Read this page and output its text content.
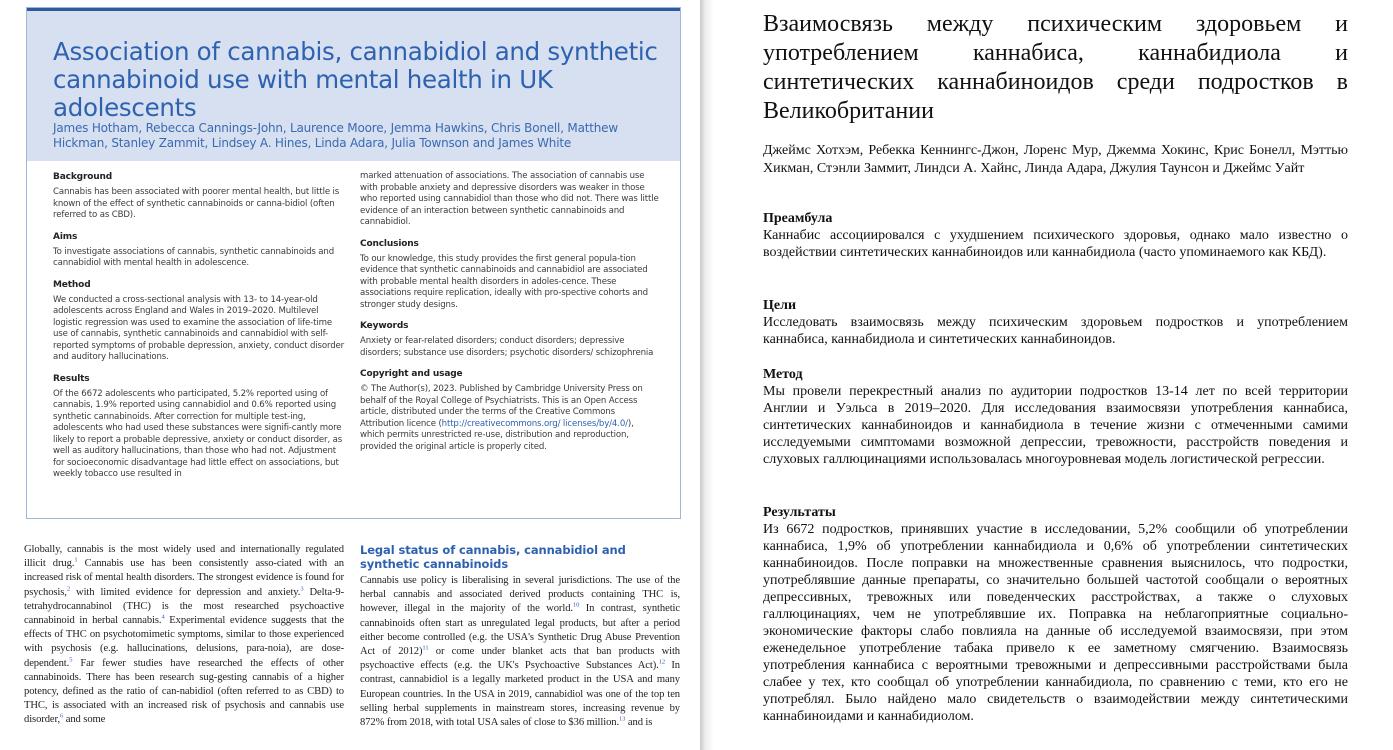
Association of cannabis, cannabidiol and synthetic cannabinoid use with mental health in UK adolescents
James Hotham, Rebecca Cannings-John, Laurence Moore, Jemma Hawkins, Chris Bonell, Matthew Hickman, Stanley Zammit, Lindsey A. Hines, Linda Adara, Julia Townson and James White
Background

Cannabis has been associated with poorer mental health, but little is known of the effect of synthetic cannabinoids or canna-bidiol (often referred to as CBD).

Aims

To investigate associations of cannabis, synthetic cannabinoids and cannabidiol with mental health in adolescence.

Method

We conducted a cross-sectional analysis with 13- to 14-year-old adolescents across England and Wales in 2019–2020. Multilevel logistic regression was used to examine the association of life-time use of cannabis, synthetic cannabinoids and cannabidiol with self-reported symptoms of probable depression, anxiety, conduct disorder and auditory hallucinations.

Results

Of the 6672 adolescents who participated, 5.2% reported using of cannabis, 1.9% reported using cannabidiol and 0.6% reported using synthetic cannabinoids. After correction for multiple test-ing, adolescents who had used these substances were signifi-cantly more likely to report a probable depressive, anxiety or conduct disorder, as well as auditory hallucinations, than those who had not. Adjustment for socioeconomic disadvantage had little effect on associations, but weekly tobacco use resulted in

marked attenuation of associations. The association of cannabis use with probable anxiety and depressive disorders was weaker in those who reported using cannabidiol than those who did not. There was little evidence of an interaction between synthetic cannabinoids and cannabidiol.

Conclusions

To our knowledge, this study provides the first general popula-tion evidence that synthetic cannabinoids and cannabidiol are associated with probable mental health disorders in adoles-cence. These associations require replication, ideally with pro-spective cohorts and stronger study designs.

Keywords

Anxiety or fear-related disorders; conduct disorders; depressive disorders; substance use disorders; psychotic disorders/ schizophrenia

Copyright and usage

© The Author(s), 2023. Published by Cambridge University Press on behalf of the Royal College of Psychiatrists. This is an Open Access article, distributed under the terms of the Creative Commons Attribution licence (http://creativecommons.org/ licenses/by/4.0/), which permits unrestricted re-use, distribution and reproduction, provided the original article is properly cited.

Globally, cannabis is the most widely used and internationally regulated illicit drug.$^1$ Cannabis use has been consistently asso-ciated with an increased risk of mental health disorders. The strongest evidence is found for psychosis,$^2$ with limited evidence for depression and anxiety.$^3$ Delta-9-tetrahydrocannabinol (THC) is the most researched psychoactive cannabinoid in herbal cannabis.$^4$ Experimental evidence suggests that the effects of THC on psychotomimetic symptoms, similar to those experienced with psychosis (e.g. hallucinations, delusions, para-noia), are dose-dependent.$^5$ Far fewer studies have researched the effects of other cannabinoids. There has been research sug-gesting cannabis of a higher potency, defined as the ratio of can-nabidiol (often referred to as CBD) to THC, is associated with an increased risk of psychosis and cannabis use disorder,$^6$ and some
Legal status of cannabis, cannabidiol and synthetic cannabinoids
Cannabis use policy is liberalising in several jurisdictions. The use of the herbal cannabis and associated derived products containing THC is, however, illegal in the majority of the world.$^{10}$ In contrast, synthetic cannabinoids often start as unregulated legal products, but after a period either become controlled (e.g. the USA's Synthetic Drug Abuse Prevention Act of 2012)$^{11}$ or come under blanket acts that ban products with psychoactive effects (e.g. the UK's Psychoactive Substances Act).$^{12}$ In contrast, cannabidiol is a legally marketed product in the USA and many European countries. In the USA in 2019, cannabidiol was one of the top ten selling herbal supplements in mainstream stores, increasing revenue by 872% from 2018, with total USA sales of close to $36 million.$^{13}$ and is
Взаимосвязь между психическим здоровьем и употреблением каннабиса, каннабидиола и синтетических каннабиноидов среди подростков в Великобритании
Джеймс Хотхэм, Ребекка Кеннингс-Джон, Лоренс Мур, Джемма Хокинс, Крис Бонелл, Мэттью Хикман, Стэнли Заммит, Линдси А. Хайнс, Линда Адара, Джулия Таунсон и Джеймс Уайт
Преамбула
Каннабис ассоциировался с ухудшением психического здоровья, однако мало известно о воздействии синтетических каннабиноидов или каннабидиола (часто упоминаемого как КБД).
Цели
Исследовать взаимосвязь между психическим здоровьем подростков и употреблением каннабиса, каннабидиола и синтетических каннабиноидов.
Метод
Мы провели перекрестный анализ по аудитории подростков 13-14 лет по всей территории Англии и Уэльса в 2019–2020. Для исследования взаимосвязи употребления каннабиса, синтетических каннабиноидов и каннабидиола в течение жизни с отмеченными самими исследуемыми симптомами возможной депрессии, тревожности, расстройств поведения и слуховых галлюцинациями использовалась многоуровневая модель логистической регрессии.
Результаты
Из 6672 подростков, принявших участие в исследовании, 5,2% сообщили об употреблении каннабиса, 1,9% об употреблении каннабидиола и 0,6% об употреблении синтетических каннабиноидов. После поправки на множественные сравнения выяснилось, что подростки, употреблявшие данные препараты, со значительно большей частотой сообщали о вероятных депрессивных, тревожных или поведенческих расстройствах, а также о слуховых галлюцинациях, чем не употреблявшие их. Поправка на неблагоприятные социально-экономические факторы слабо повлияла на данные об исследуемой взаимосвязи, при этом еженедельное употребление табака привело к ее заметному смягчению. Взаимосвязь употребления каннабиса с вероятными тревожными и депрессивными расстройствами была слабее у тех, кто сообщал об употреблении каннабидиола, по сравнению с теми, кто его не употреблял. Было найдено мало свидетельств о взаимодействии между синтетическими каннабиноидами и каннабидиолом.
